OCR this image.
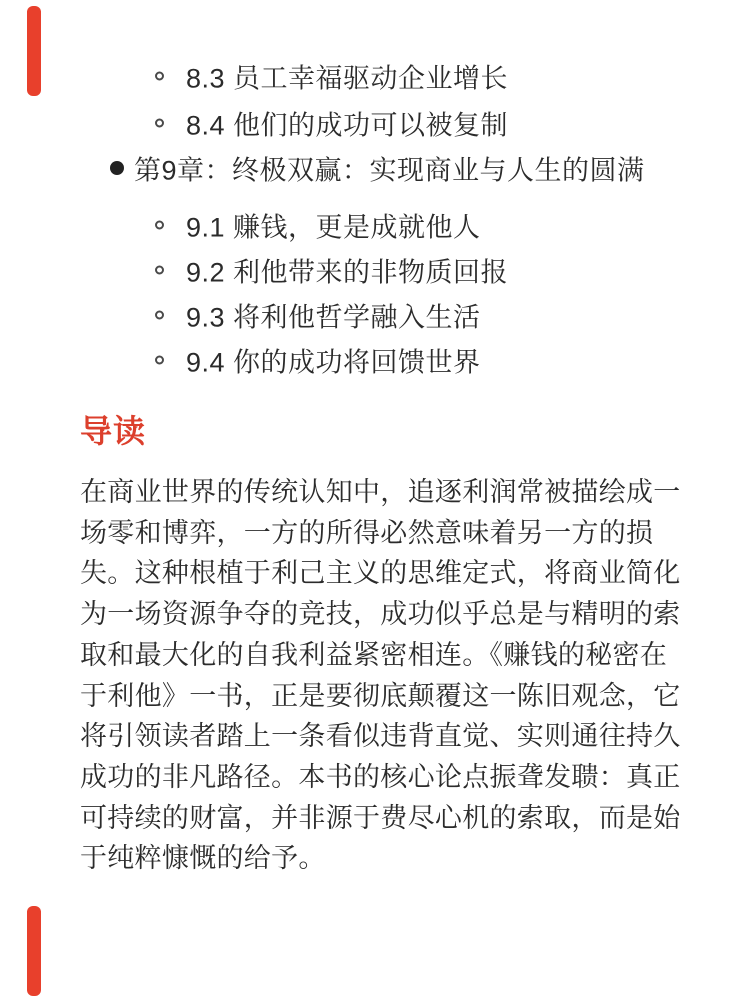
8.3 员工幸福驱动企业增长
8.4 他们的成功可以被复制
第9章：终极双赢：实现商业与人生的圆满
9.1 赚钱，更是成就他人
9.2 利他带来的非物质回报
9.3 将利他哲学融入生活
9.4 你的成功将回馈世界
导读
在商业世界的传统认知中，追逐利润常被描绘成一
场零和博弈，一方的所得必然意味着另一方的损
失。这种根植于利己主义的思维定式，将商业简化
为一场资源争夺的竞技，成功似乎总是与精明的索
取和最大化的自我利益紧密相连。《赚钱的秘密在
于利他》一书，正是要彻底颠覆这一陈旧观念，它
将引领读者踏上一条看似违背直觉、实则通往持久
成功的非凡路径。本书的核心论点振聋发聩：真正
可持续的财富，并非源于费尽心机的索取，而是始
于纯粹慷慨的给予。
